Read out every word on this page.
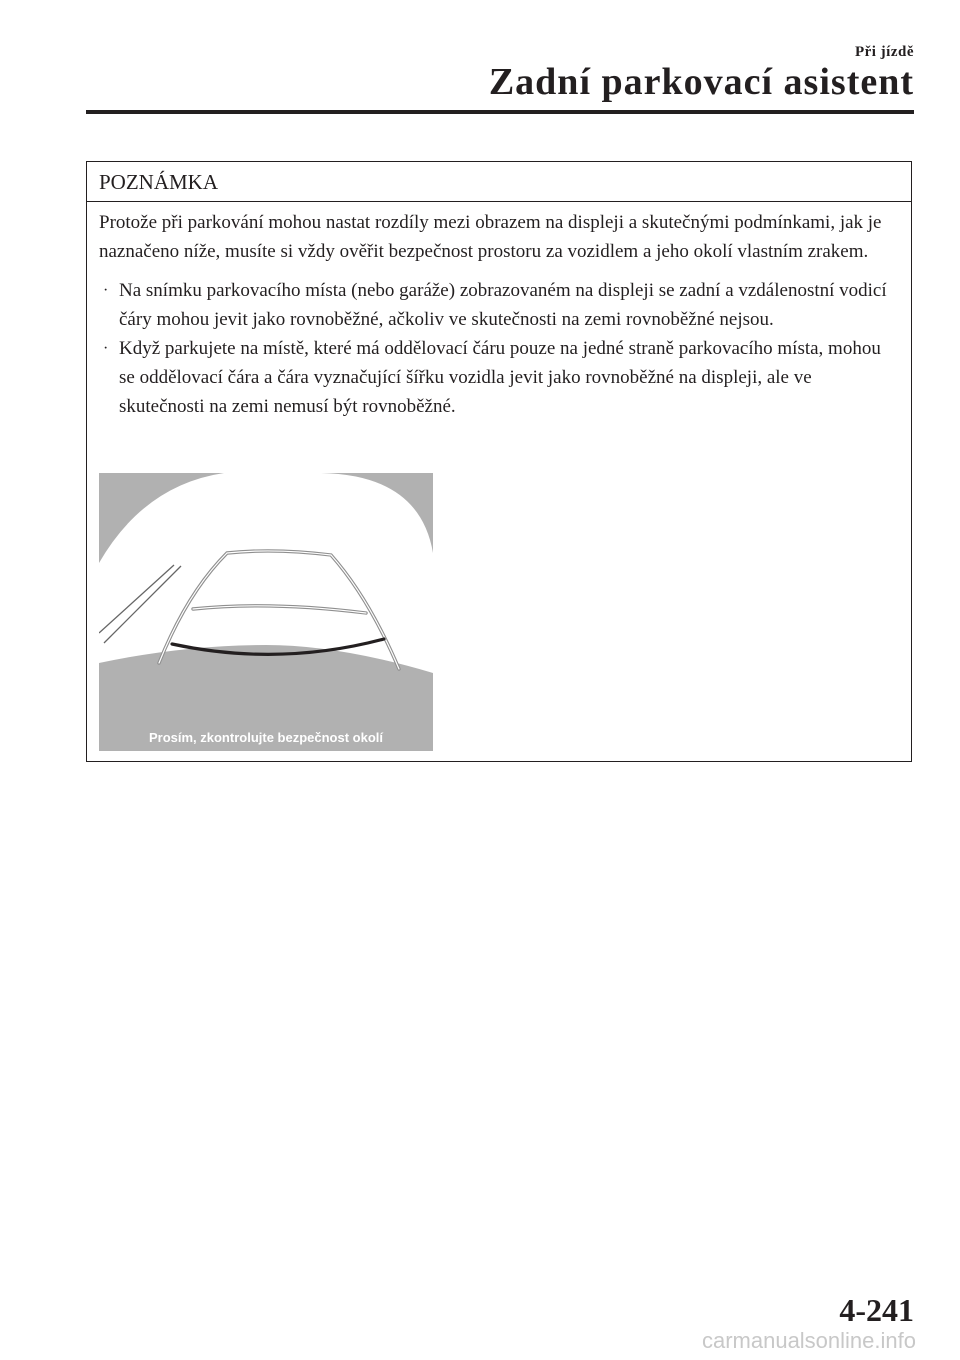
Při jízdě
Zadní parkovací asistent
POZNÁMKA

Protože při parkování mohou nastat rozdíly mezi obrazem na displeji a skutečnými podmínkami, jak je naznačeno níže, musíte si vždy ověřit bezpečnost prostoru za vozidlem a jeho okolí vlastním zrakem.

· Na snímku parkovacího místa (nebo garáže) zobrazovaném na displeji se zadní a vzdálenostní vodicí čáry mohou jevit jako rovnoběžné, ačkoliv ve skutečnosti na zemi rovnoběžné nejsou.
· Když parkujete na místě, které má oddělovací čáru pouze na jedné straně parkovacího místa, mohou se oddělovací čára a čára vyznačující šířku vozidla jevit jako rovnoběžné na displeji, ale ve skutečnosti na zemi nemusí být rovnoběžné.
Prosím, zkontrolujte bezpečnost okolí
4-241
carmanualsonline.info
